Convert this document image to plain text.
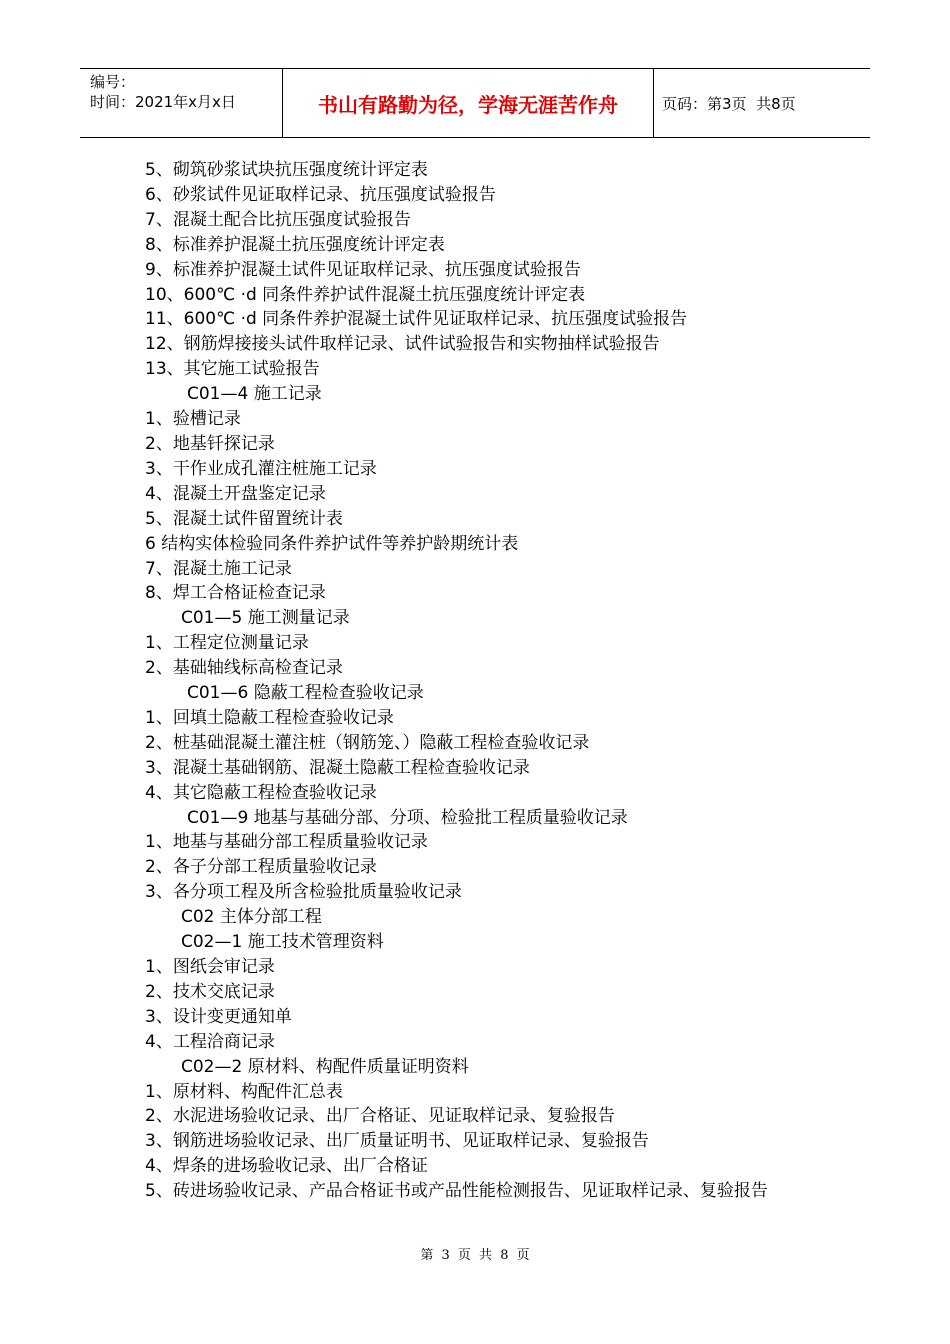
编号：
时间：2021年x月x日	书山有路勤为径，学海无涯苦作舟	页码：第3页  共8页
5、砌筑砂浆试块抗压强度统计评定表
6、砂浆试件见证取样记录、抗压强度试验报告
7、混凝土配合比抗压强度试验报告
8、标准养护混凝土抗压强度统计评定表
9、标准养护混凝土试件见证取样记录、抗压强度试验报告
10、600℃ ·d 同条件养护试件混凝土抗压强度统计评定表
11、600℃ ·d 同条件养护混凝土试件见证取样记录、抗压强度试验报告
12、钢筋焊接接头试件取样记录、试件试验报告和实物抽样试验报告
13、其它施工试验报告
C01—4 施工记录
1、验槽记录
2、地基钎探记录
3、干作业成孔灌注桩施工记录
4、混凝土开盘鉴定记录
5、混凝土试件留置统计表
6 结构实体检验同条件养护试件等养护龄期统计表
7、混凝土施工记录
8、焊工合格证检查记录
C01—5 施工测量记录
1、工程定位测量记录
2、基础轴线标高检查记录
C01—6 隐蔽工程检查验收记录
1、回填土隐蔽工程检查验收记录
2、桩基础混凝土灌注桩（钢筋笼、）隐蔽工程检查验收记录
3、混凝土基础钢筋、混凝土隐蔽工程检查验收记录
4、其它隐蔽工程检查验收记录
C01—9 地基与基础分部、分项、检验批工程质量验收记录
1、地基与基础分部工程质量验收记录
2、各子分部工程质量验收记录
3、各分项工程及所含检验批质量验收记录
C02 主体分部工程
C02—1 施工技术管理资料
1、图纸会审记录
2、技术交底记录
3、设计变更通知单
4、工程洽商记录
C02—2 原材料、构配件质量证明资料
1、原材料、构配件汇总表
2、水泥进场验收记录、出厂合格证、见证取样记录、复验报告
3、钢筋进场验收记录、出厂质量证明书、见证取样记录、复验报告
4、焊条的进场验收记录、出厂合格证
5、砖进场验收记录、产品合格证书或产品性能检测报告、见证取样记录、复验报告
第 3 页 共 8 页
